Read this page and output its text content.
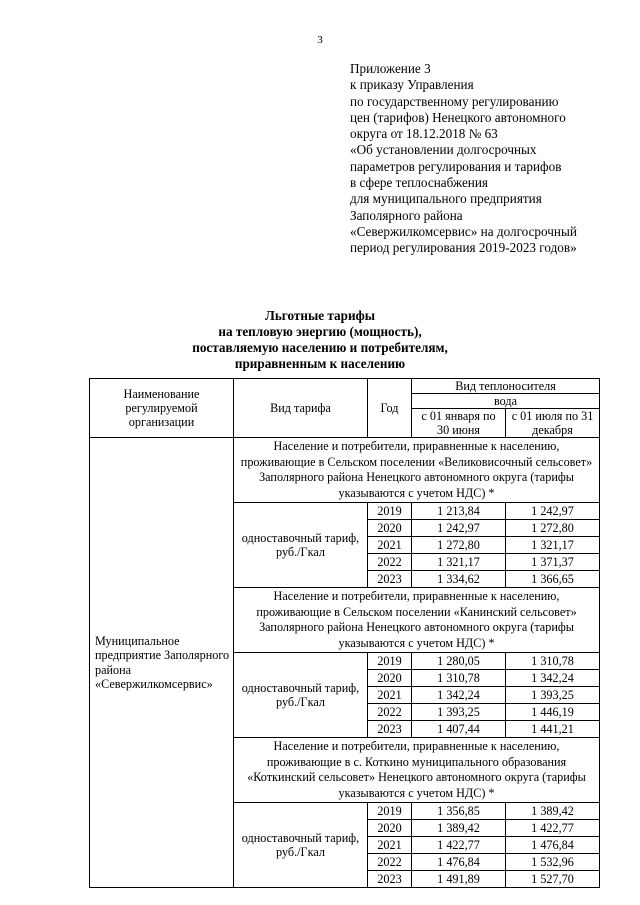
3
Приложение 3
к приказу Управления
по государственному регулированию
цен (тарифов) Ненецкого автономного
округа от 18.12.2018 № 63
«Об установлении долгосрочных
параметров регулирования и тарифов
в сфере теплоснабжения
для муниципального предприятия
Заполярного района
«Севержилкомсервис» на долгосрочный
период регулирования 2019-2023 годов»
Льготные тарифы
на тепловую энергию (мощность),
поставляемую населению и потребителям,
приравненным к населению
Наименование регулируемой организации	Вид тарифа	Год	Вид теплоносителя	
			вода	
			с 01 января по 30 июня	с 01 июля по 31 декабря
Муниципальное предприятие Заполярного района «Севержилкомсервис»	Население и потребители, приравненные к населению, проживающие в Сельском поселении «Великовисочный сельсовет» Заполярного района Ненецкого автономного округа (тарифы указываются с учетом НДС) *			
	одноставочный тариф, руб./Гкал	2019	1 213,84	1 242,97
		2020	1 242,97	1 272,80
		2021	1 272,80	1 321,17
		2022	1 321,17	1 371,37
		2023	1 334,62	1 366,65
	Население и потребители, приравненные к населению, проживающие в Сельском поселении «Канинский сельсовет» Заполярного района Ненецкого автономного округа (тарифы указываются с учетом НДС) *			
	одноставочный тариф, руб./Гкал	2019	1 280,05	1 310,78
		2020	1 310,78	1 342,24
		2021	1 342,24	1 393,25
		2022	1 393,25	1 446,19
		2023	1 407,44	1 441,21
	Население и потребители, приравненные к населению, проживающие в с. Коткино муниципального образования «Коткинский сельсовет» Ненецкого автономного округа (тарифы указываются с учетом НДС) *			
	одноставочный тариф, руб./Гкал	2019	1 356,85	1 389,42
		2020	1 389,42	1 422,77
		2021	1 422,77	1 476,84
		2022	1 476,84	1 532,96
		2023	1 491,89	1 527,70
